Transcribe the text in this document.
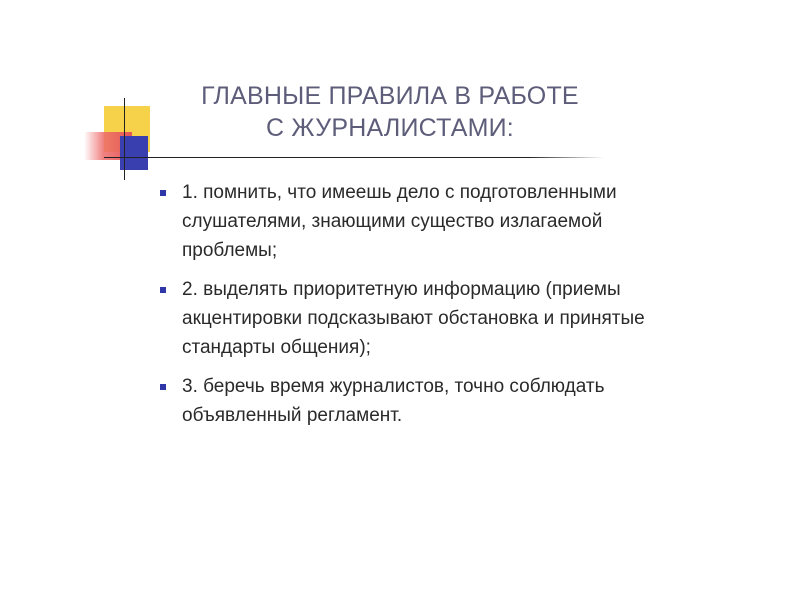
ГЛАВНЫЕ ПРАВИЛА В РАБОТЕ С ЖУРНАЛИСТАМИ:
1. помнить, что имеешь дело с подготовленными слушателями, знающими существо излагаемой проблемы;
2. выделять приоритетную информацию (приемы акцентировки подсказывают обстановка и принятые стандарты общения);
3. беречь время журналистов, точно соблюдать объявленный регламент.
